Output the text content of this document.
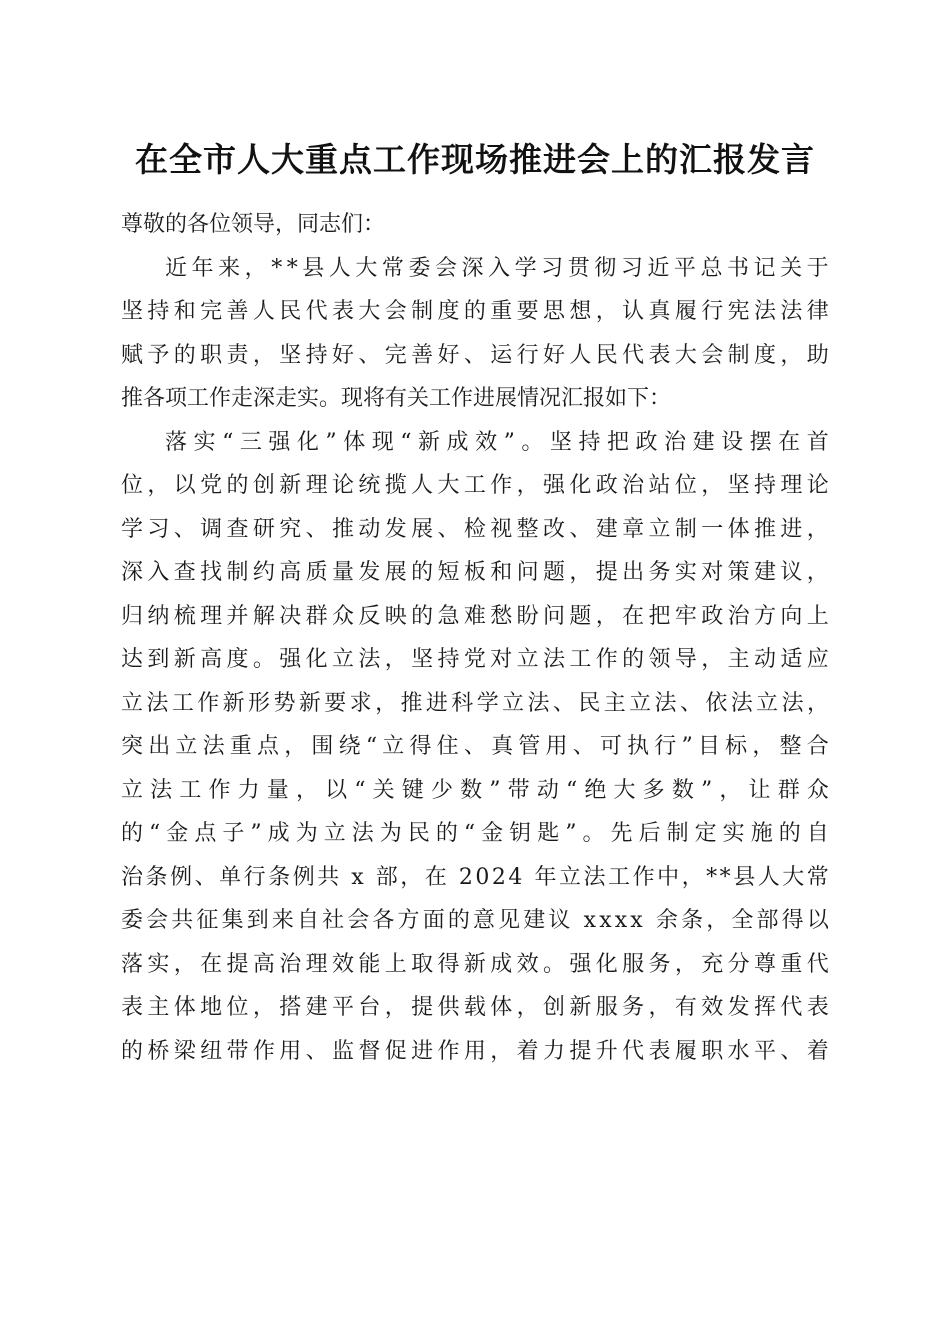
在全市人大重点工作现场推进会上的汇报发言
尊敬的各位领导，同志们：
近 年 来 ， * * 县 人 大 常 委 会 深 入 学 习 贯 彻 习 近 平 总 书 记 关 于
坚 持 和 完 善 人 民 代 表 大 会 制 度 的 重 要 思 想 ， 认 真 履 行 宪 法 法 律
赋 予 的 职 责 ， 坚 持 好 、 完 善 好 、 运 行 好 人 民 代 表 大 会 制 度 ， 助
推各项工作走深走实。现将有关工作进展情况汇报如下：
落 实 “ 三 强 化 ” 体 现 “ 新 成 效 ” 。 坚 持 把 政 治 建 设 摆 在 首
位 ， 以 党 的 创 新 理 论 统 揽 人 大 工 作 ， 强 化 政 治 站 位 ， 坚 持 理 论
学 习 、 调 查 研 究 、 推 动 发 展 、 检 视 整 改 、 建 章 立 制 一 体 推 进 ，
深 入 查 找 制 约 高 质 量 发 展 的 短 板 和 问 题 ， 提 出 务 实 对 策 建 议 ，
归 纳 梳 理 并 解 决 群 众 反 映 的 急 难 愁 盼 问 题 ， 在 把 牢 政 治 方 向 上
达 到 新 高 度 。 强 化 立 法 ， 坚 持 党 对 立 法 工 作 的 领 导 ， 主 动 适 应
立 法 工 作 新 形 势 新 要 求 ， 推 进 科 学 立 法 、 民 主 立 法 、 依 法 立 法 ，
突 出 立 法 重 点 ， 围 绕 “ 立 得 住 、 真 管 用 、 可 执 行 ” 目 标 ， 整 合
立 法 工 作 力 量 ， 以 “ 关 键 少 数 ” 带 动 “ 绝 大 多 数 ” ， 让 群 众
的 “ 金 点 子 ” 成 为 立 法 为 民 的 “ 金 钥 匙 ” 。 先 后 制 定 实 施 的 自
治 条 例 、 单 行 条 例 共
x
部 ， 在
2 0 2 4
年 立 法 工 作 中 ， * * 县 人 大 常
委 会 共 征 集 到 来 自 社 会 各 方 面 的 意 见 建 议
x x x x
余 条 ， 全 部 得 以
落 实 ， 在 提 高 治 理 效 能 上 取 得 新 成 效 。 强 化 服 务 ， 充 分 尊 重 代
表 主 体 地 位 ， 搭 建 平 台 ， 提 供 载 体 ， 创 新 服 务 ， 有 效 发 挥 代 表
的 桥 梁 纽 带 作 用 、 监 督 促 进 作 用 ， 着 力 提 升 代 表 履 职 水 平 、 着
